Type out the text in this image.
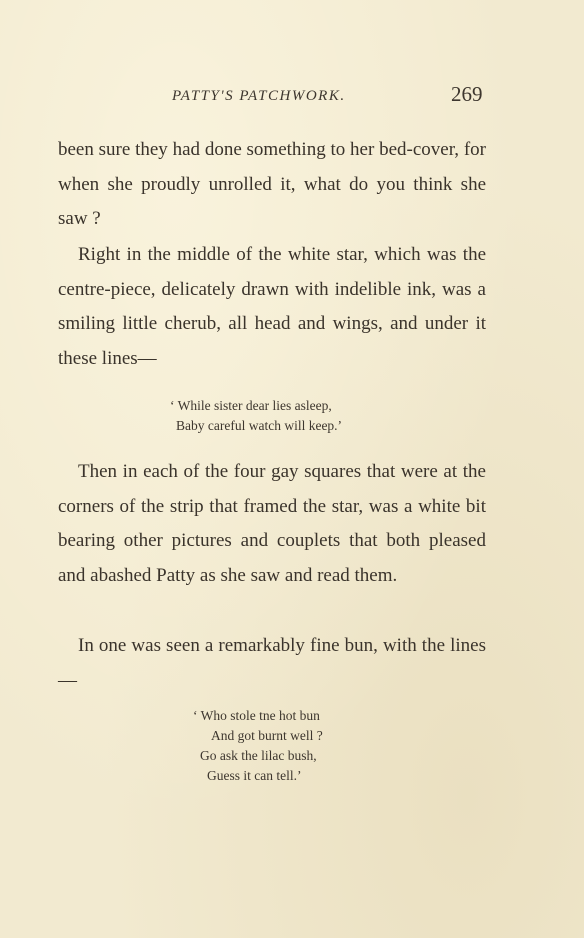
PATTY'S PATCHWORK.	269

been sure they had done something to her bed-cover, for when she proudly unrolled it, what do you think she saw ?

Right in the middle of the white star, which was the centre-piece, delicately drawn with indelible ink, was a smiling little cherub, all head and wings, and under it these lines—

‘ While sister dear lies asleep,
Baby careful watch will keep.’

Then in each of the four gay squares that were at the corners of the strip that framed the star, was a white bit bearing other pictures and couplets that both pleased and abashed Patty as she saw and read them.

In one was seen a remarkably fine bun, with the lines—

‘ Who stole tne hot bun
And got burnt well ?
Go ask the lilac bush,
Guess it can tell.’
